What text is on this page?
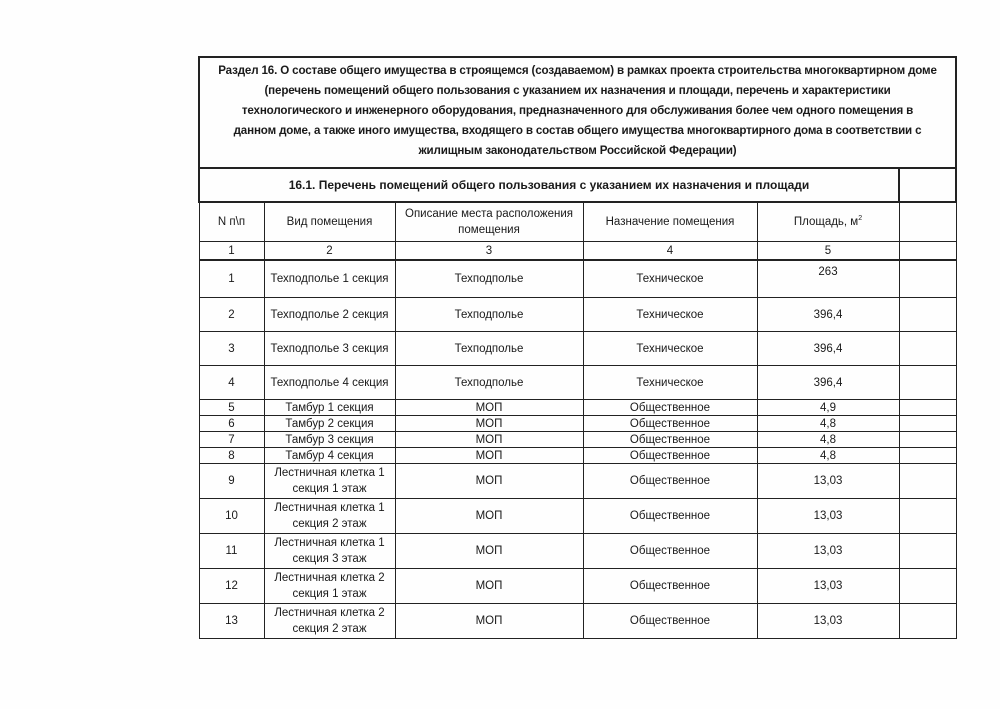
Раздел 16. О составе общего имущества в строящемся (создаваемом) в рамках проекта строительства многоквартирном доме
(перечень помещений общего пользования с указанием их назначения и площади, перечень и характеристики
технологического и инженерного оборудования, предназначенного для обслуживания более чем одного помещения в
данном доме, а также иного имущества, входящего в состав общего имущества многоквартирного дома в соответствии с
жилищным законодательством Российской Федерации)					

16.1. Перечень помещений общего пользования с указанием их назначения и площади					
N п\п	Вид помещения	Описание места расположения помещения	Назначение помещения	Площадь, $м^2$	
1	2	3	4	5	
1	Техподполье 1 секция	Техподполье	Техническое	263	
2	Техподполье 2 секция	Техподполье	Техническое	396,4	
3	Техподполье 3 секция	Техподполье	Техническое	396,4	
4	Техподполье 4 секция	Техподполье	Техническое	396,4	
5	Тамбур 1 секция	МОП	Общественное	4,9	
6	Тамбур 2 секция	МОП	Общественное	4,8	
7	Тамбур 3 секция	МОП	Общественное	4,8	
8	Тамбур 4 секция	МОП	Общественное	4,8	
9	Лестничная клетка 1 секция 1 этаж	МОП	Общественное	13,03	
10	Лестничная клетка 1 секция 2 этаж	МОП	Общественное	13,03	
11	Лестничная клетка 1 секция 3 этаж	МОП	Общественное	13,03	
12	Лестничная клетка 2 секция 1 этаж	МОП	Общественное	13,03	
13	Лестничная клетка 2 секция 2 этаж	МОП	Общественное	13,03	
